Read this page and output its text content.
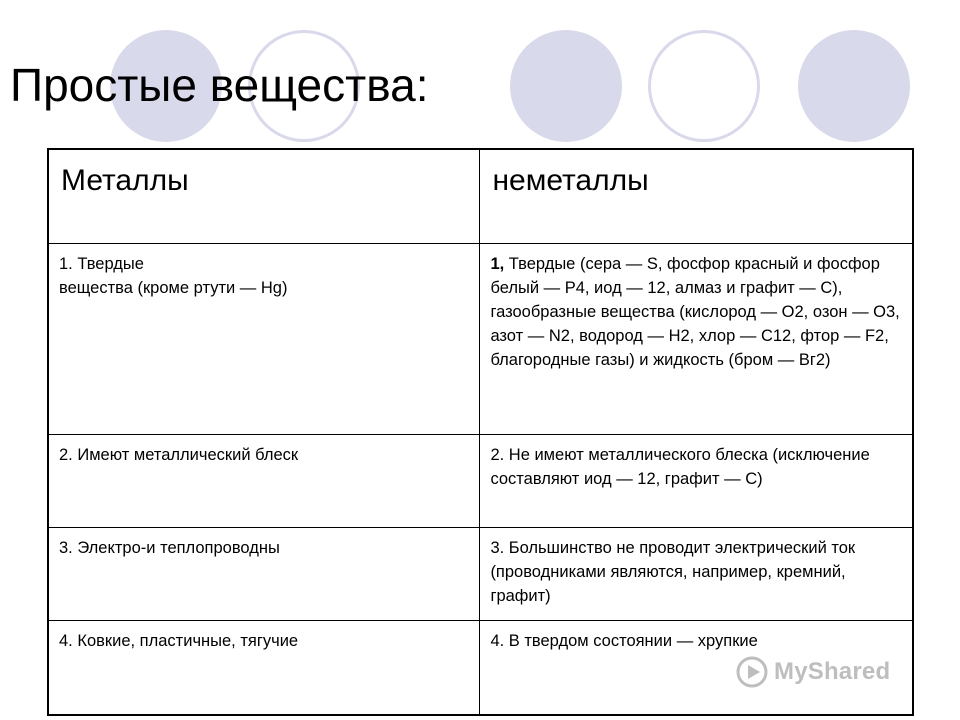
Простые вещества:
Металлы	неметаллы

1. Твердые
вещества (кроме ртути — Hg)	1, Твердые (сера — S, фосфор красный и фосфор белый — Р4, иод — 12, алмаз и графит — С), газообразные вещества (кислород — О2, озон — О3, азот — N2, водород — Н2, хлор — С12, фтор — F2, благородные газы) и жидкость (бром — Вг2)
2. Имеют металлический блеск	2. Не имеют металлического блеска (исключение составляют иод — 12, графит — С)
3. Электро-и теплопроводны	3. Большинство не проводит электрический ток (проводниками являются, например, кремний, графит)
4. Ковкие, пластичные, тягучие	4. В твердом состоянии — хрупкие
MyShared
